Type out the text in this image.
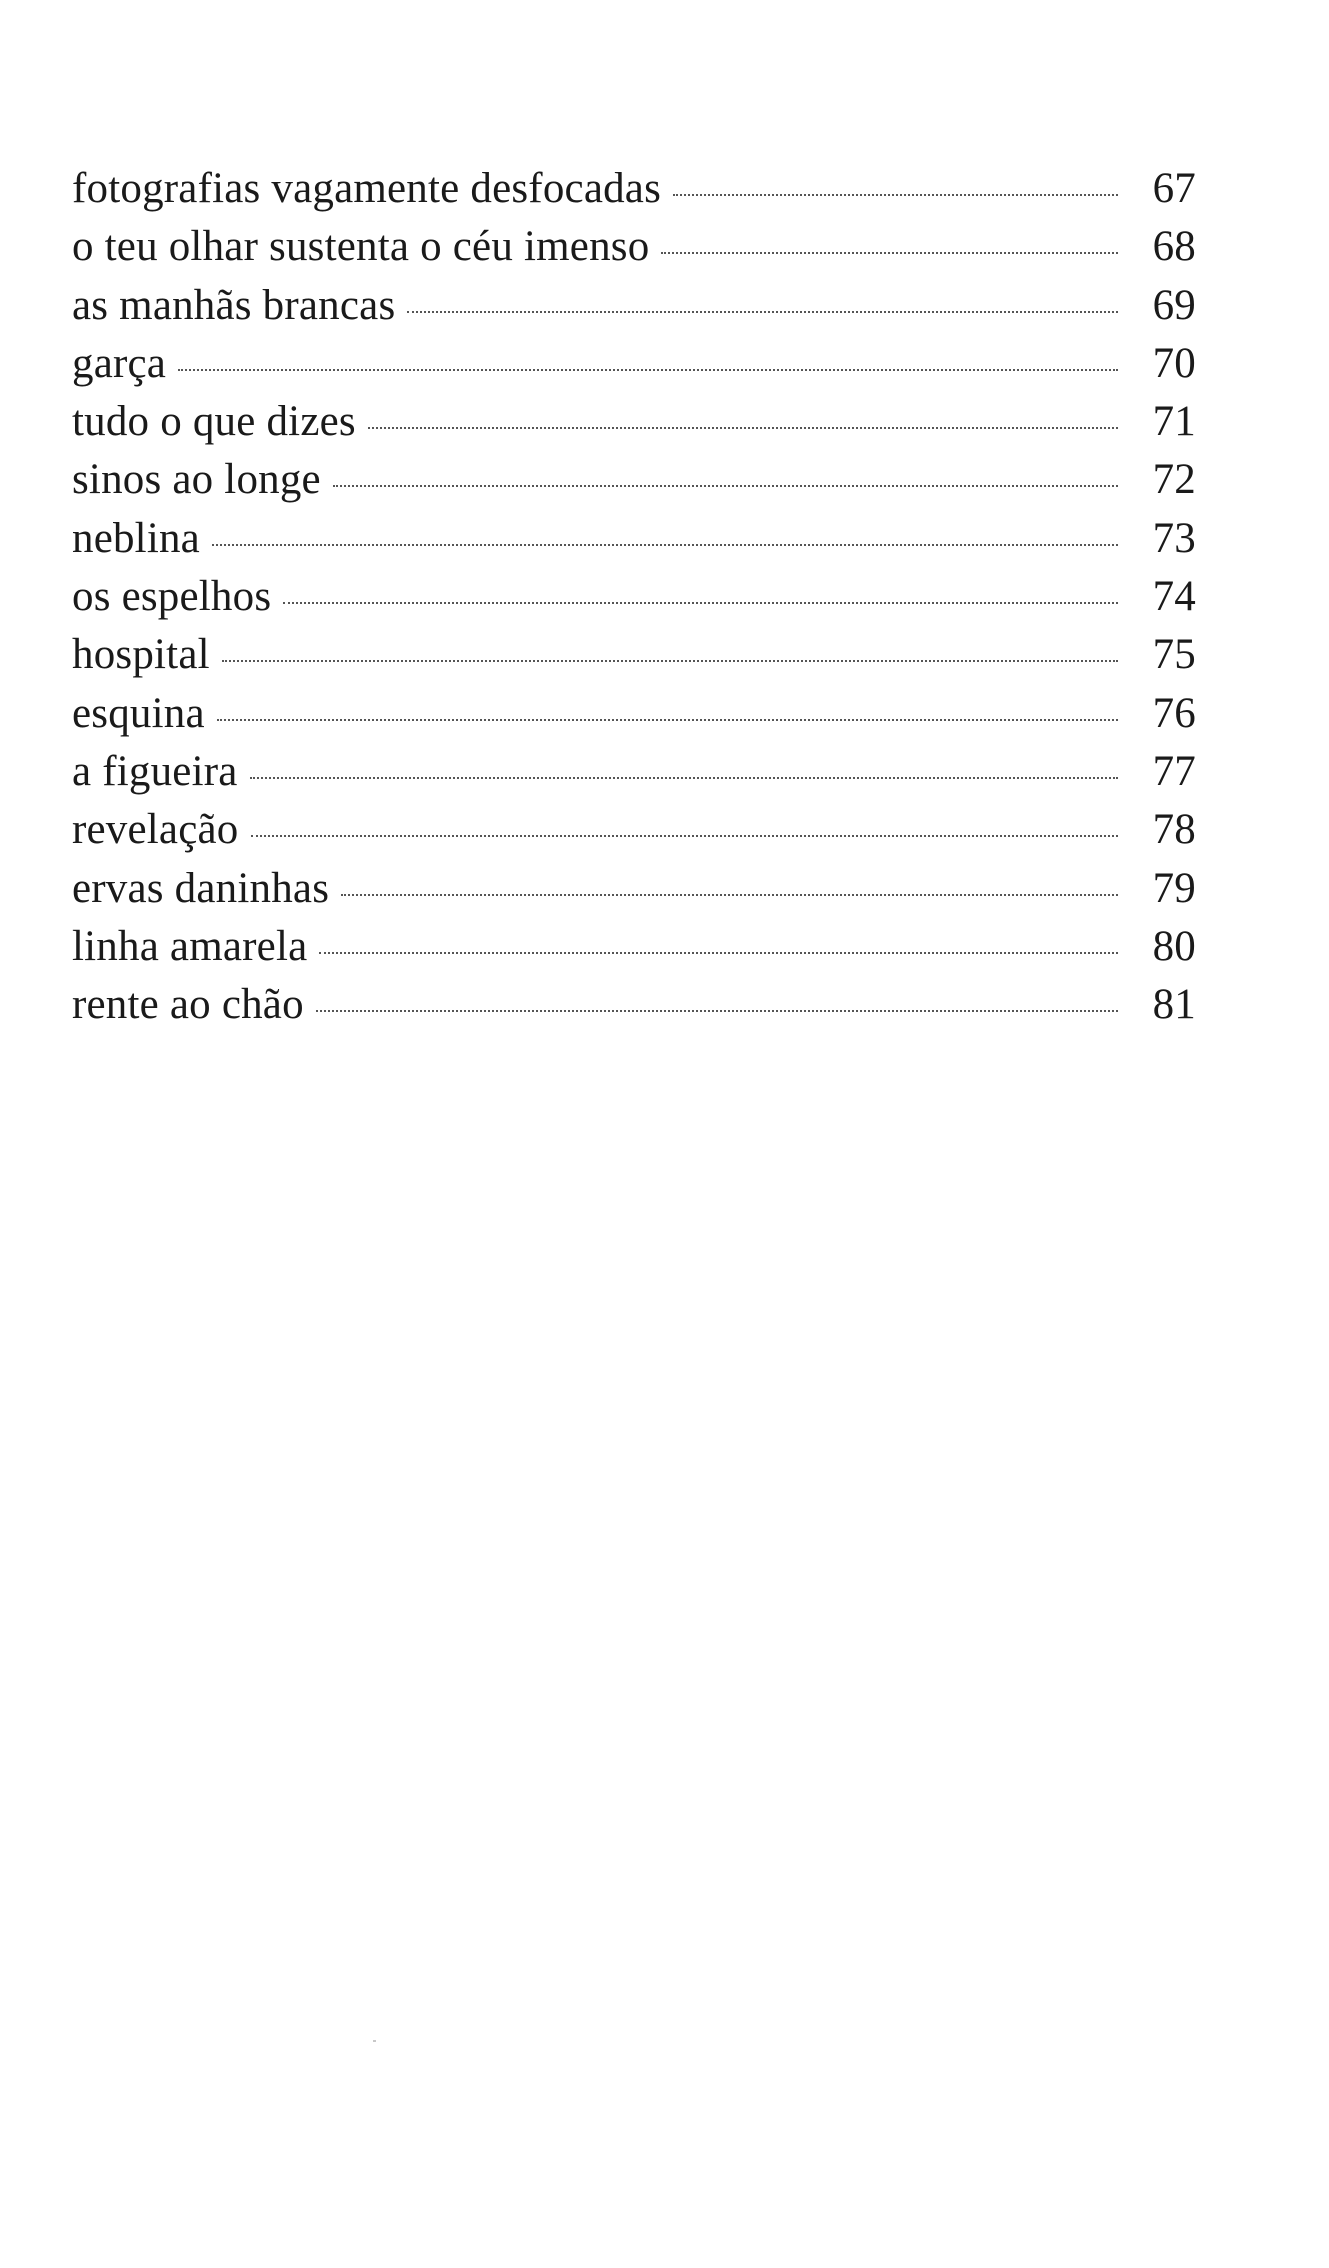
fotografias vagamente desfocadas	67
o teu olhar sustenta o céu imenso	68
as manhãs brancas	69
garça	70
tudo o que dizes	71
sinos ao longe	72
neblina	73
os espelhos	74
hospital	75
esquina	76
a figueira	77
revelação	78
ervas daninhas	79
linha amarela	80
rente ao chão	81
